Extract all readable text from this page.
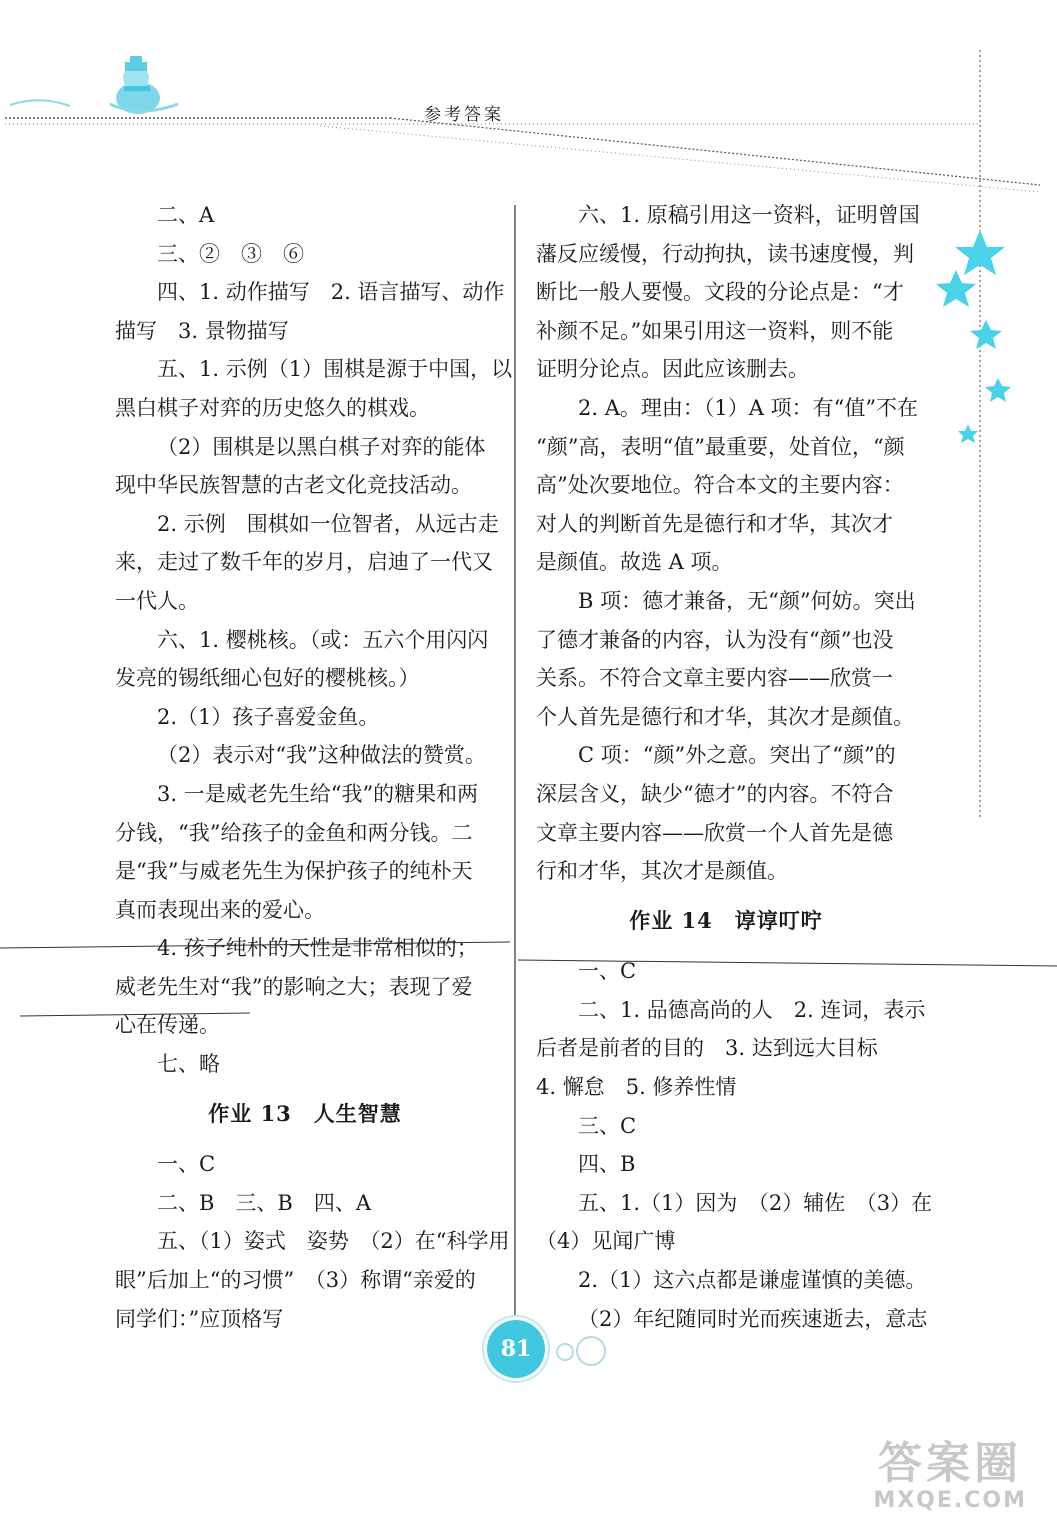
参考答案

二、A

三、②　③　⑥

四、1. 动作描写　2. 语言描写、动作

描写　3. 景物描写

五、1. 示例（1）围棋是源于中国，以

黑白棋子对弈的历史悠久的棋戏。

（2）围棋是以黑白棋子对弈的能体

现中华民族智慧的古老文化竞技活动。

2. 示例　围棋如一位智者，从远古走

来，走过了数千年的岁月，启迪了一代又

一代人。

六、1. 樱桃核。（或：五六个用闪闪

发亮的锡纸细心包好的樱桃核。）

2.（1）孩子喜爱金鱼。

（2）表示对“我”这种做法的赞赏。

3. 一是威老先生给“我”的糖果和两

分钱，“我”给孩子的金鱼和两分钱。二

是“我”与威老先生为保护孩子的纯朴天

真而表现出来的爱心。

4. 孩子纯朴的天性是非常相似的；

威老先生对“我”的影响之大；表现了爱

心在传递。

七、略

作业 13　人生智慧

一、C

二、B　三、B　四、A

五、（1）姿式　姿势　（2）在“科学用

眼”后加上“的习惯”　（3）称谓“亲爱的

同学们：”应顶格写

六、1. 原稿引用这一资料，证明曾国

藩反应缓慢，行动拘执，读书速度慢，判

断比一般人要慢。文段的分论点是：“才

补颜不足。”如果引用这一资料，则不能

证明分论点。因此应该删去。

2. A。理由：（1）A 项：有“值”不在

“颜”高，表明“值”最重要，处首位，“颜

高”处次要地位。符合本文的主要内容：

对人的判断首先是德行和才华，其次才

是颜值。故选 A 项。

B 项：德才兼备，无“颜”何妨。突出

了德才兼备的内容，认为没有“颜”也没

关系。不符合文章主要内容——欣赏一

个人首先是德行和才华，其次才是颜值。

C 项：“颜”外之意。突出了“颜”的

深层含义，缺少“德才”的内容。不符合

文章主要内容——欣赏一个人首先是德

行和才华，其次才是颜值。

作业 14　谆谆叮咛

一、C

二、1. 品德高尚的人　2. 连词，表示

后者是前者的目的　3. 达到远大目标

4. 懈怠　5. 修养性情

三、C

四、B

五、1.（1）因为　（2）辅佐　（3）在

（4）见闻广博

2.（1）这六点都是谦虚谨慎的美德。

（2）年纪随同时光而疾速逝去，意志

81
答案圈
MXQE.COM
